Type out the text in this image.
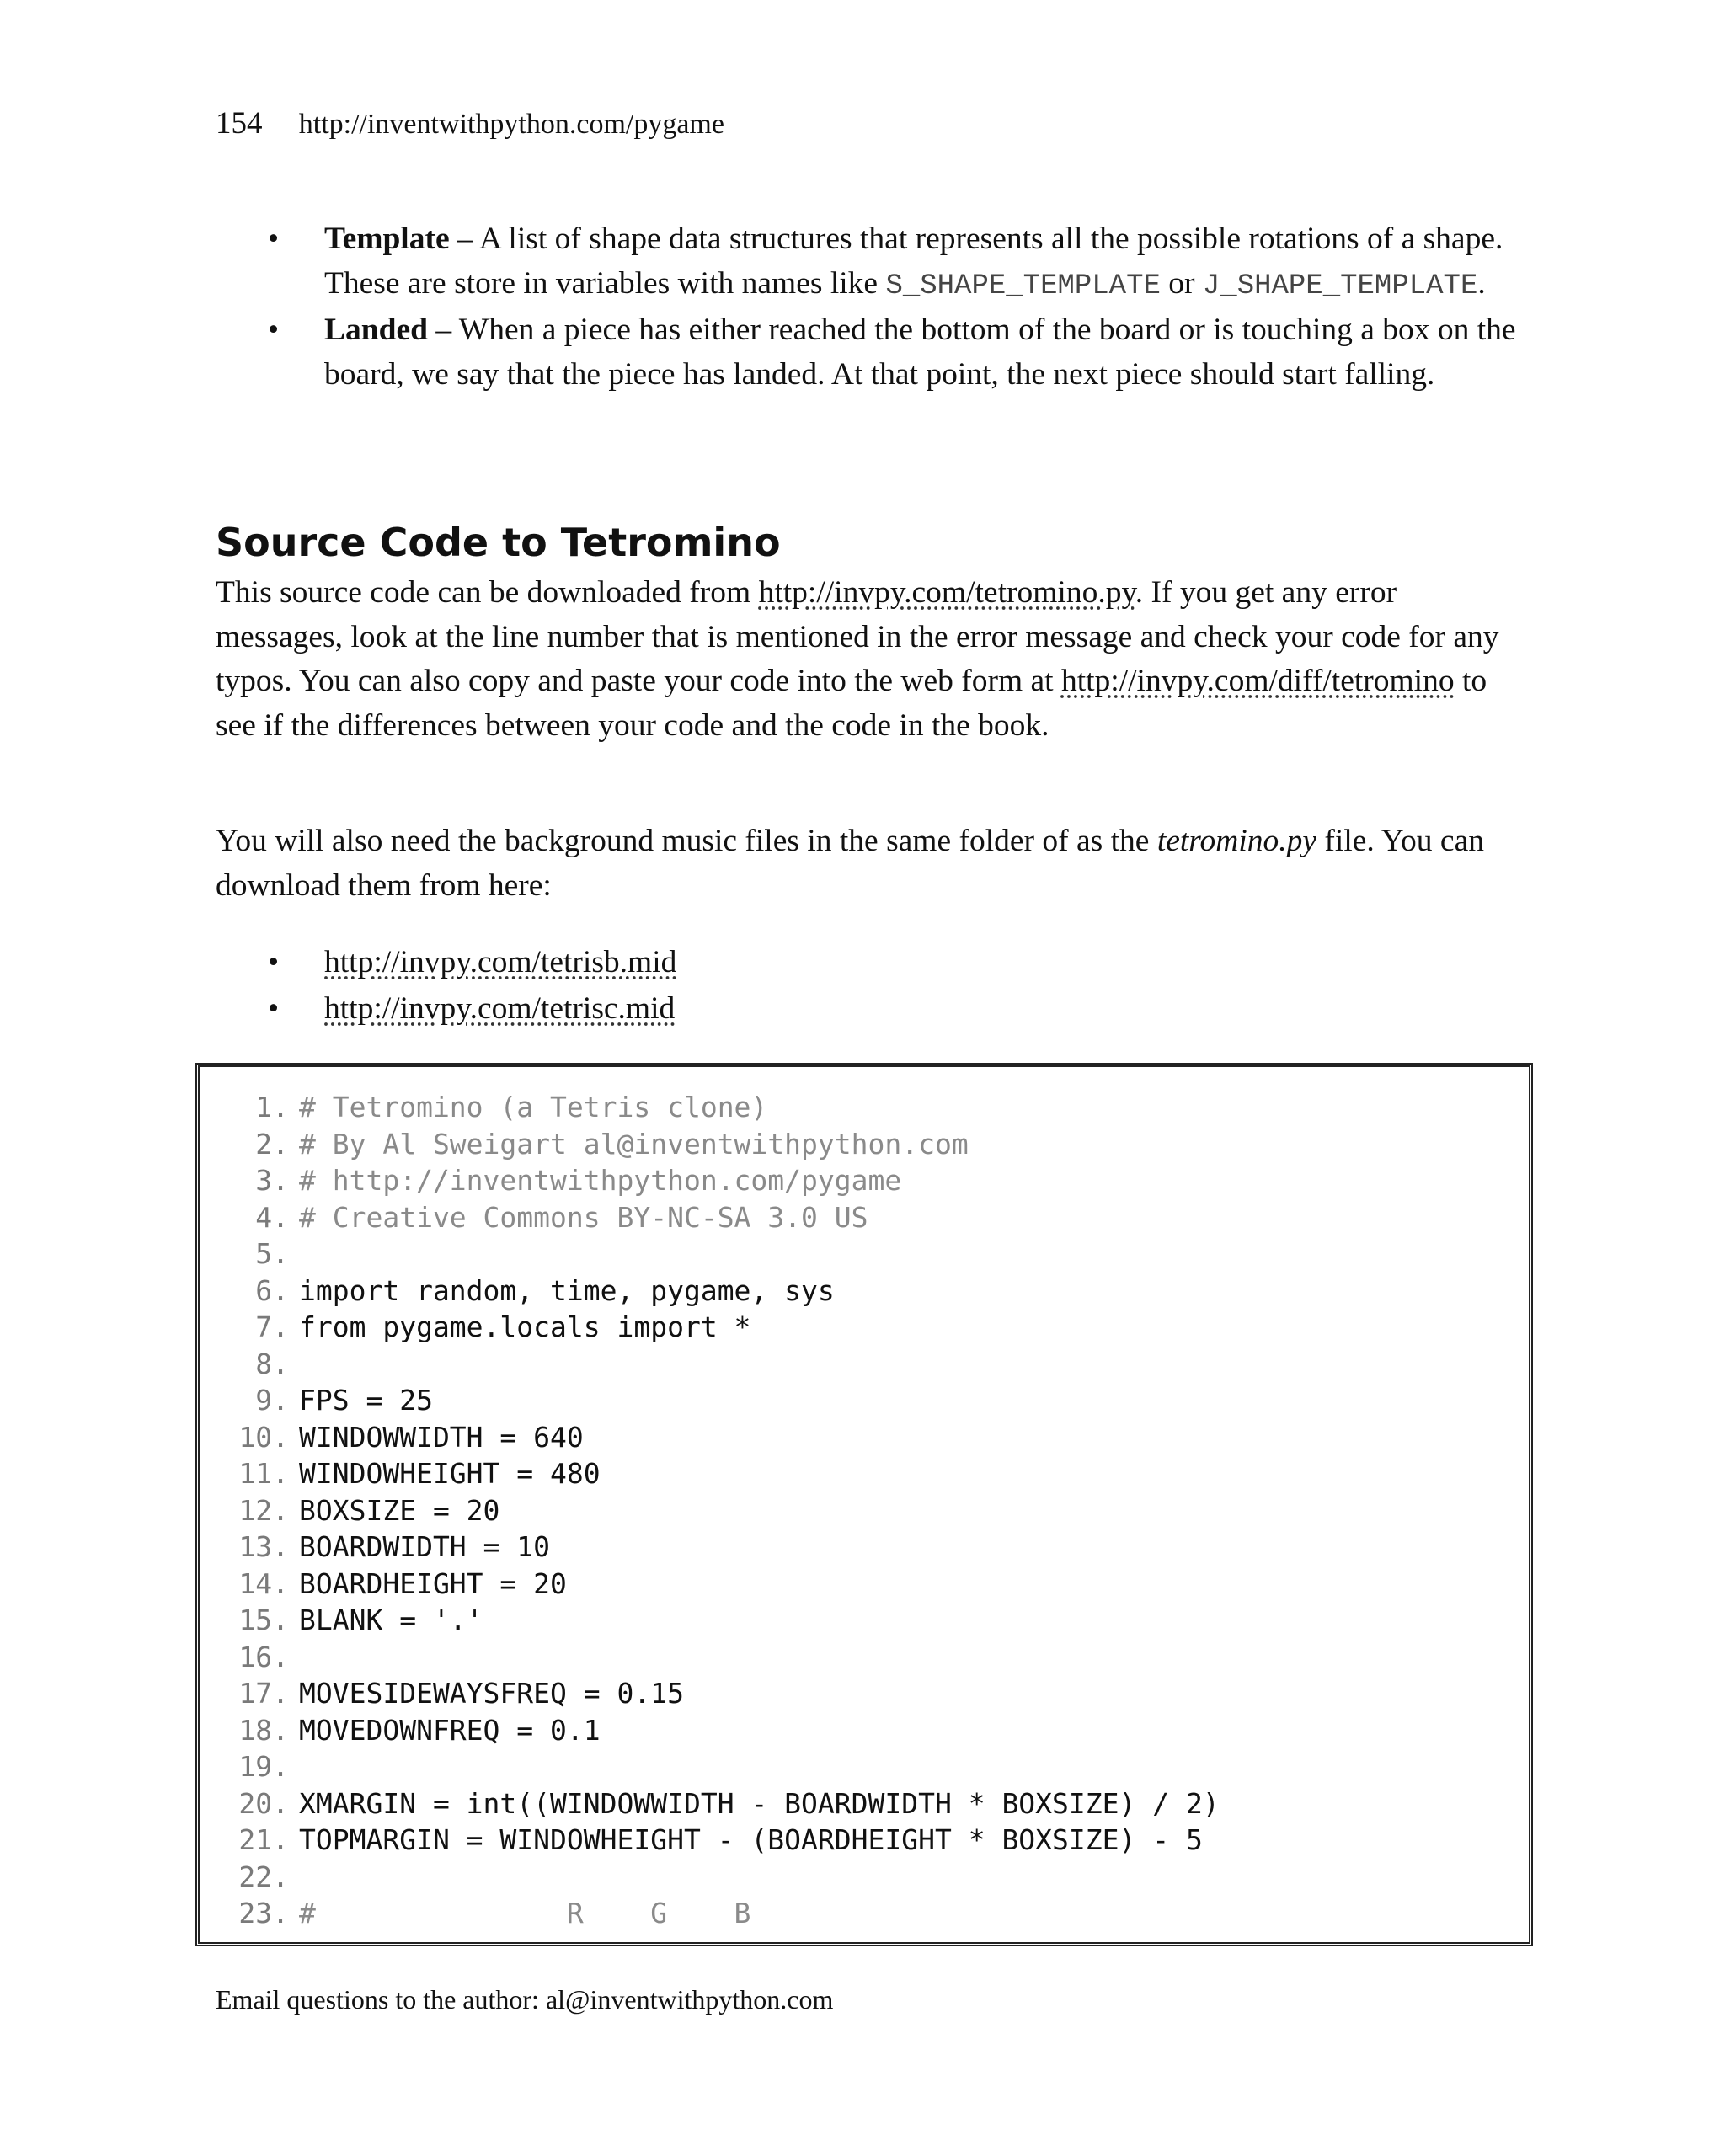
154 http://inventwithpython.com/pygame
• Template – A list of shape data structures that represents all the possible rotations of a shape. These are store in variables with names like S_SHAPE_TEMPLATE or J_SHAPE_TEMPLATE.
• Landed – When a piece has either reached the bottom of the board or is touching a box on the board, we say that the piece has landed. At that point, the next piece should start falling.
Source Code to Tetromino

This source code can be downloaded from http://invpy.com/tetromino.py. If you get any error messages, look at the line number that is mentioned in the error message and check your code for any typos. You can also copy and paste your code into the web form at http://invpy.com/diff/tetromino to see if the differences between your code and the code in the book.

You will also need the background music files in the same folder of as the tetromino.py file. You can download them from here:

• http://invpy.com/tetrisb.mid
• http://invpy.com/tetrisc.mid
1. # Tetromino (a Tetris clone)
2. # By Al Sweigart al@inventwithpython.com
3. # http://inventwithpython.com/pygame
4. # Creative Commons BY-NC-SA 3.0 US
5.
6. import random, time, pygame, sys
7. from pygame.locals import *
8.
9. FPS = 25
10. WINDOWWIDTH = 640
11. WINDOWHEIGHT = 480
12. BOXSIZE = 20
13. BOARDWIDTH = 10
14. BOARDHEIGHT = 20
15. BLANK = '.'
16.
17. MOVESIDEWAYSFREQ = 0.15
18. MOVEDOWNFREQ = 0.1
19.
20. XMARGIN = int((WINDOWWIDTH - BOARDWIDTH * BOXSIZE) / 2)
21. TOPMARGIN = WINDOWHEIGHT - (BOARDHEIGHT * BOXSIZE) - 5
22.
23. #               R    G    B
Email questions to the author: al@inventwithpython.com
